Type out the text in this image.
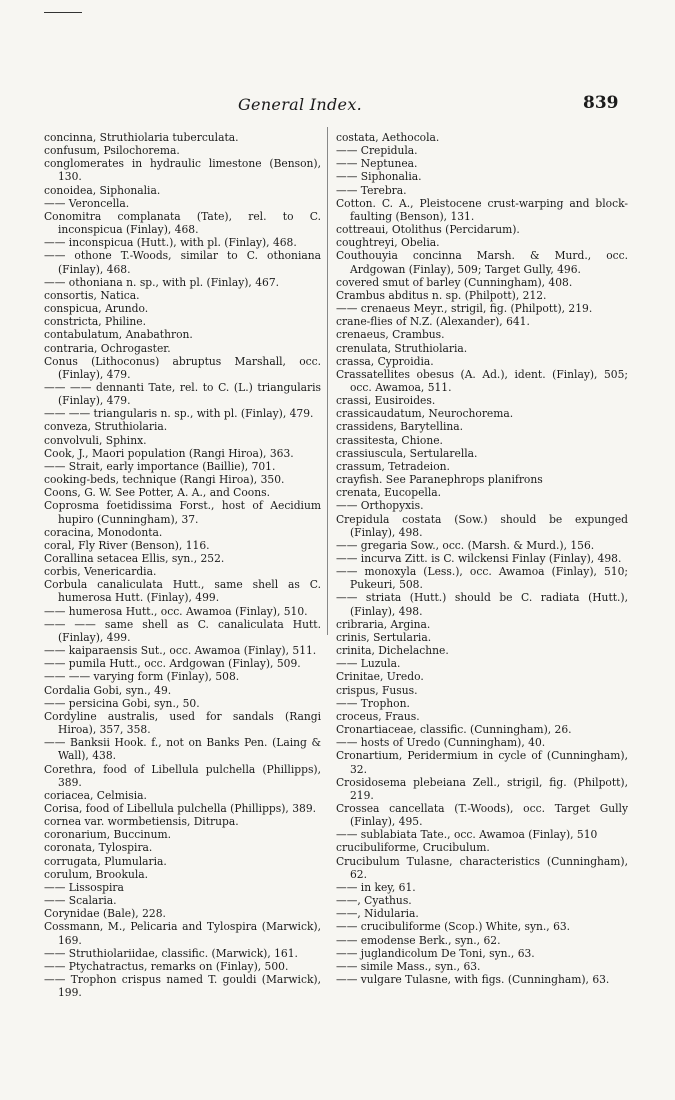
General Index.	839
concinna, Struthiolaria tuberculata.
confusum, Psilochorema.
conglomerates in hydraulic limestone (Benson), 130.
conoidea, Siphonalia.
—— Veroncella.
Conomitra complanata (Tate), rel. to C. inconspicua (Finlay), 468.
—— inconspicua (Hutt.), with pl. (Finlay), 468.
—— othone T.-Woods, similar to C. othoniana (Finlay), 468.
—— othoniana n. sp., with pl. (Finlay), 467.
consortis, Natica.
conspicua, Arundo.
constricta, Philine.
contabulatum, Anabathron.
contraria, Ochrogaster.
Conus (Lithoconus) abruptus Marshall, occ. (Finlay), 479.
—— —— dennanti Tate, rel. to C. (L.) triangularis (Finlay), 479.
—— —— triangularis n. sp., with pl. (Finlay), 479.
conveza, Struthiolaria.
convolvuli, Sphinx.
Cook, J., Maori population (Rangi Hiroa), 363.
—— Strait, early importance (Baillie), 701.
cooking-beds, technique (Rangi Hiroa), 350.
Coons, G. W. See Potter, A. A., and Coons.
Coprosma foetidissima Forst., host of Aecidium hupiro (Cunningham), 37.
coracina, Monodonta.
coral, Fly River (Benson), 116.
Corallina setacea Ellis, syn., 252.
corbis, Venericardia.
Corbula canaliculata Hutt., same shell as C. humerosa Hutt. (Finlay), 499.
—— humerosa Hutt., occ. Awamoa (Finlay), 510.
—— —— same shell as C. canaliculata Hutt. (Finlay), 499.
—— kaiparaensis Sut., occ. Awamoa (Finlay), 511.
—— pumila Hutt., occ. Ardgowan (Finlay), 509.
—— —— varying form (Finlay), 508.
Cordalia Gobi, syn., 49.
—— persicina Gobi, syn., 50.
Cordyline australis, used for sandals (Rangi Hiroa), 357, 358.
—— Banksii Hook. f., not on Banks Pen. (Laing & Wall), 438.
Corethra, food of Libellula pulchella (Phillipps), 389.
coriacea, Celmisia.
Corisa, food of Libellula pulchella (Phillipps), 389.
cornea var. wormbetiensis, Ditrupa.
coronarium, Buccinum.
coronata, Tylospira.
corrugata, Plumularia.
corulum, Brookula.
—— Lissospira
—— Scalaria.
Corynidae (Bale), 228.
Cossmann, M., Pelicaria and Tylospira (Marwick), 169.
—— Struthiolariidae, classific. (Marwick), 161.
—— Ptychatractus, remarks on (Finlay), 500.
—— Trophon crispus named T. gouldi (Marwick), 199.
costata, Aethocola.
—— Crepidula.
—— Neptunea.
—— Siphonalia.
—— Terebra.
Cotton. C. A., Pleistocene crust-warping and block-faulting (Benson), 131.
cottreaui, Otolithus (Percidarum).
coughtreyi, Obelia.
Couthouyia concinna Marsh. & Murd., occ. Ardgowan (Finlay), 509; Target Gully, 496.
covered smut of barley (Cunningham), 408.
Crambus abditus n. sp. (Philpott), 212.
—— crenaeus Meyr., strigil, fig. (Philpott), 219.
crane-flies of N.Z. (Alexander), 641.
crenaeus, Crambus.
crenulata, Struthiolaria.
crassa, Cyproidia.
Crassatellites obesus (A. Ad.), ident. (Finlay), 505; occ. Awamoa, 511.
crassi, Eusiroides.
crassicaudatum, Neurochorema.
crassidens, Barytellina.
crassitesta, Chione.
crassiuscula, Sertularella.
crassum, Tetradeion.
crayfish. See Paranephrops planifrons
crenata, Eucopella.
—— Orthopyxis.
Crepidula costata (Sow.) should be expunged (Finlay), 498.
—— gregaria Sow., occ. (Marsh. & Murd.), 156.
—— incurva Zitt. is C. wilckensi Finlay (Finlay), 498.
—— monoxyla (Less.), occ. Awamoa (Finlay), 510; Pukeuri, 508.
—— striata (Hutt.) should be C. radiata (Hutt.), (Finlay), 498.
cribraria, Argina.
crinis, Sertularia.
crinita, Dichelachne.
—— Luzula.
Crinitae, Uredo.
crispus, Fusus.
—— Trophon.
croceus, Fraus.
Cronartiaceae, classific. (Cunningham), 26.
—— hosts of Uredo (Cunningham), 40.
Cronartium, Peridermium in cycle of (Cunningham), 32.
Crosidosema plebeiana Zell., strigil, fig. (Philpott), 219.
Crossea cancellata (T.-Woods), occ. Target Gully (Finlay), 495.
—— sublabiata Tate., occ. Awamoa (Finlay), 510
crucibuliforme, Crucibulum.
Crucibulum Tulasne, characteristics (Cunningham), 62.
—— in key, 61.
——, Cyathus.
——, Nidularia.
—— crucibuliforme (Scop.) White, syn., 63.
—— emodense Berk., syn., 62.
—— juglandicolum De Toni, syn., 63.
—— simile Mass., syn., 63.
—— vulgare Tulasne, with figs. (Cunningham), 63.
